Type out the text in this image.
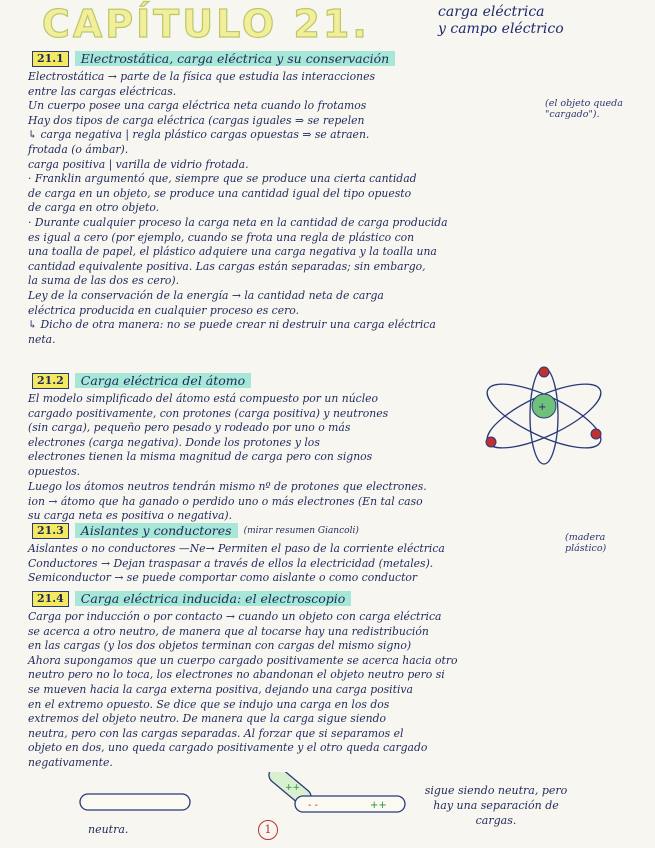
CAPÍTULO 21.	carga eléctrica
y campo eléctrico
21.1	Electrostática, carga eléctrica y su conservación

Electrostática → parte de la física que estudia las interacciones

entre las cargas eléctricas.

Un cuerpo posee una carga eléctrica neta cuando lo frotamos

Hay dos tipos de carga eléctrica (cargas iguales ⇒ se repelen

↳ carga negativa | regla plástico cargas opuestas ⇒ se atraen.

frotada (o ámbar).

carga positiva | varilla de vidrio frotada.

· Franklin argumentó que, siempre que se produce una cierta cantidad

de carga en un objeto, se produce una cantidad igual del tipo opuesto

de carga en otro objeto.

· Durante cualquier proceso la carga neta en la cantidad de carga producida

es igual a cero (por ejemplo, cuando se frota una regla de plástico con

una toalla de papel, el plástico adquiere una carga negativa y la toalla una

cantidad equivalente positiva. Las cargas están separadas; sin embargo,

la suma de las dos es cero).

Ley de la conservación de la energía → la cantidad neta de carga

eléctrica producida en cualquier proceso es cero.

↳ Dicho de otra manera: no se puede crear ni destruir una carga eléctrica

neta.

(el objeto queda "cargado").
21.2	Carga eléctrica del átomo

El modelo simplificado del átomo está compuesto por un núcleo

cargado positivamente, con protones (carga positiva) y neutrones

(sin carga), pequeño pero pesado y rodeado por uno o más

electrones (carga negativa). Donde los protones y los

electrones tienen la misma magnitud de carga pero con signos

opuestos.

Luego los átomos neutros tendrán mismo nº de protones que electrones.

ion → átomo que ha ganado o perdido uno o más electrones (En tal caso

su carga neta es positiva o negativa).

+
21.3	Aislantes y conductores	(mirar resumen Giancoli)

Aislantes o no conductores —Ne→ Permiten el paso de la corriente eléctrica

Conductores → Dejan traspasar a través de ellos la electricidad (metales).

Semiconductor → se puede comportar como aislante o como conductor

(madera plástico)
21.4	Carga eléctrica inducida: el electroscopio

Carga por inducción o por contacto → cuando un objeto con carga eléctrica

se acerca a otro neutro, de manera que al tocarse hay una redistribución

en las cargas (y los dos objetos terminan con cargas del mismo signo)

Ahora supongamos que un cuerpo cargado positivamente se acerca hacia otro

neutro pero no lo toca, los electrones no abandonan el objeto neutro pero si

se mueven hacia la carga externa positiva, dejando una carga positiva

en el extremo opuesto. Se dice que se indujo una carga en los dos

extremos del objeto neutro. De manera que la carga sigue siendo

neutra, pero con las cargas separadas. Al forzar que si separamos el

objeto en dos, uno queda cargado positivamente y el otro queda cargado

negativamente.

++
- -	++
neutra.
sigue siendo neutra, pero
hay una separación de
cargas.
1
